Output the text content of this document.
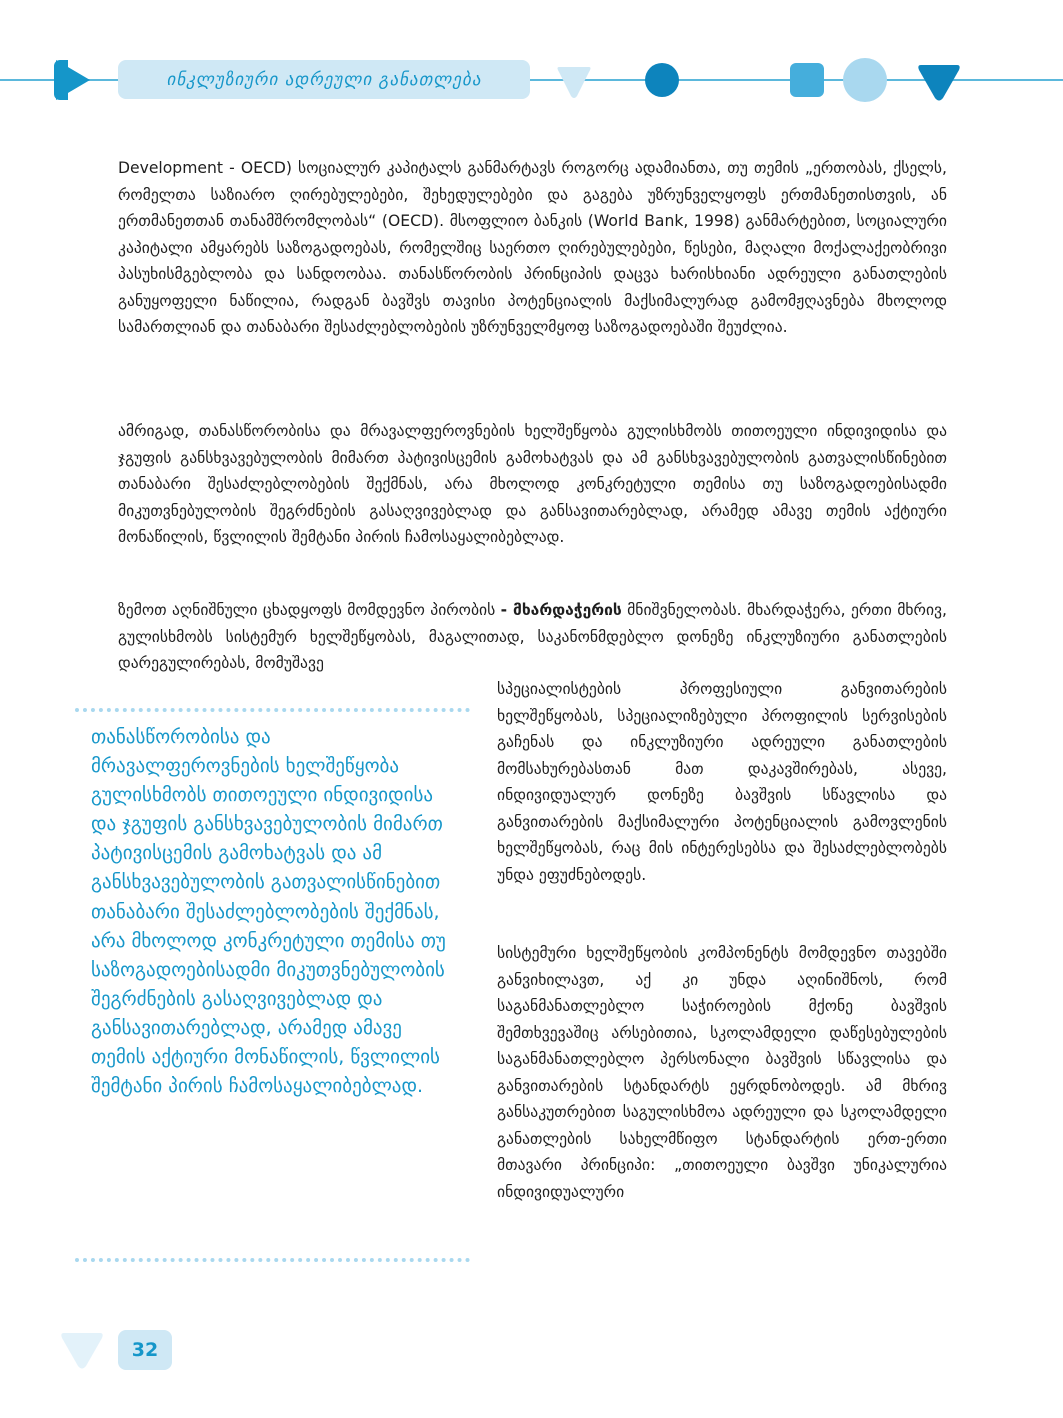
ინკლუზიური ადრეული განათლება

Development - OECD) სოციალურ კაპიტალს განმარტავს როგორც ადამიანთა, თუ თემის „ერთობას, ქსელს, რომელთა საზიარო ღირებულებები, შეხედულებები და გაგება უზრუნველყოფს ერთმანეთისთვის, ან ერთმანეთთან თანამშრომლობას“ (OECD). მსოფლიო ბანკის (World Bank, 1998) განმარტებით, სოციალური კაპიტალი ამყარებს საზოგადოებას, რომელშიც საერთო ღირებულებები, წესები, მაღალი მოქალაქეობრივი პასუხისმგებლობა და სანდოობაა. თანასწორობის პრინციპის დაცვა ხარისხიანი ადრეული განათლების განუყოფელი ნაწილია, რადგან ბავშვს თავისი პოტენციალის მაქსიმალურად გამომჟღავნება მხოლოდ სამართლიან და თანაბარი შესაძლებლობების უზრუნველმყოფ საზოგადოებაში შეუძლია.

ამრიგად, თანასწორობისა და მრავალფეროვნების ხელშეწყობა გულისხმობს თითოეული ინდივიდისა და ჯგუფის განსხვავებულობის მიმართ პატივისცემის გამოხატვას და ამ განსხვავებულობის გათვალისწინებით თანაბარი შესაძლებლობების შექმნას, არა მხოლოდ კონკრეტული თემისა თუ საზოგადოებისადმი მიკუთვნებულობის შეგრძნების გასაღვივებლად და განსავითარებლად, არამედ ამავე თემის აქტიური მონაწილის, წვლილის შემტანი პირის ჩამოსაყალიბებლად.

ზემოთ აღნიშნული ცხადყოფს მომდევნო პირობის - მხარდაჭერის მნიშვნელობას. მხარდაჭერა, ერთი მხრივ, გულისხმობს სისტემურ ხელშეწყობას, მაგალითად, საკანონმდებლო დონეზე ინკლუზიური განათლების დარეგულირებას, მომუშავე

თანასწორობისა და მრავალფეროვნების ხელშეწყობა გულისხმობს თითოეული ინდივიდისა და ჯგუფის განსხვავებულობის მიმართ პატივისცემის გამოხატვას და ამ განსხვავებულობის გათვალისწინებით თანაბარი შესაძლებლობების შექმნას, არა მხოლოდ კონკრეტული თემისა თუ საზოგადოებისადმი მიკუთვნებულობის შეგრძნების გასაღვივებლად და განსავითარებლად, არამედ ამავე თემის აქტიური მონაწილის, წვლილის შემტანი პირის ჩამოსაყალიბებლად.

სპეციალისტების პროფესიული განვითარების ხელშეწყობას, სპეციალიზებული პროფილის სერვისების გაჩენას და ინკლუზიური ადრეული განათლების მომსახურებასთან მათ დაკავშირებას, ასევე, ინდივიდუალურ დონეზე ბავშვის სწავლისა და განვითარების მაქსიმალური პოტენციალის გამოვლენის ხელშეწყობას, რაც მის ინტერესებსა და შესაძლებლობებს უნდა ეფუძნებოდეს.

სისტემური ხელშეწყობის კომპონენტს მომდევნო თავებში განვიხილავთ, აქ კი უნდა აღინიშნოს, რომ საგანმანათლებლო საჭიროების მქონე ბავშვის შემთხვევაშიც არსებითია, სკოლამდელი დაწესებულების საგანმანათლებლო პერსონალი ბავშვის სწავლისა და განვითარების სტანდარტს ეყრდნობოდეს. ამ მხრივ განსაკუთრებით საგულისხმოა ადრეული და სკოლამდელი განათლების სახელმწიფო სტანდარტის ერთ-ერთი მთავარი პრინციპი: „თითოეული ბავშვი უნიკალურია ინდივიდუალური

32
